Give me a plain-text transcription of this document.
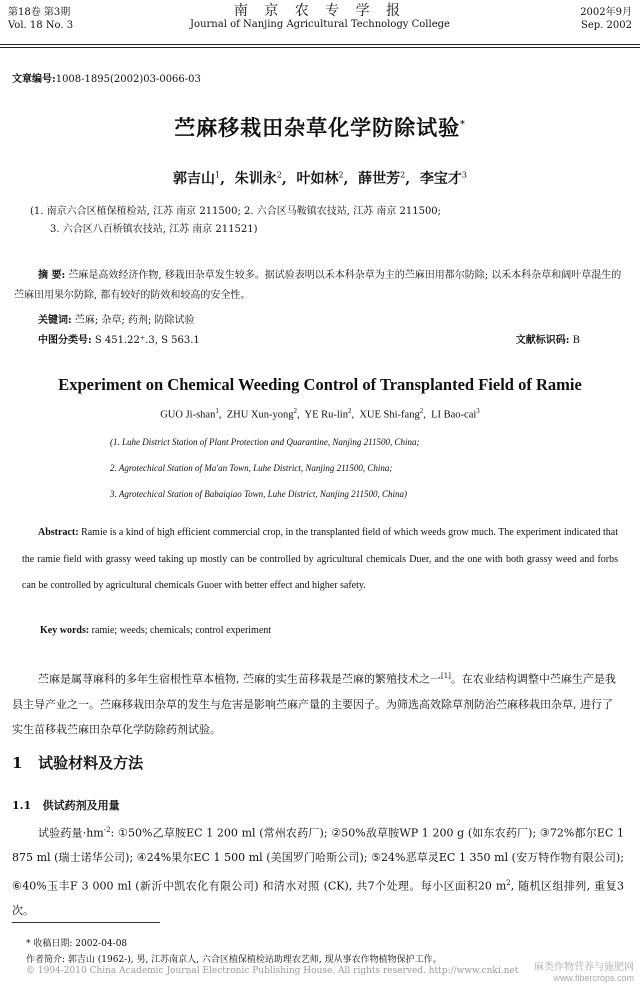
第18卷 第3期
Vol. 18 No. 3
南 京 农 专 学 报
Journal of Nanjing Agricultural Technology College
2002年9月
Sep. 2002
文章编号:1008-1895(2002)03-0066-03
苎麻移栽田杂草化学防除试验*
郭吉山$^1$,  朱训永$^2$,  叶如林$^2$,  薛世芳$^2$,  李宝才$^3$
(1. 南京六合区植保植检站, 江苏 南京 211500; 2. 六合区马鞍镇农技站, 江苏 南京 211500;
3. 六合区八百桥镇农技站, 江苏 南京 211521)
摘 要: 苎麻是高效经济作物, 移栽田杂草发生较多。据试验表明以禾本科杂草为主的苎麻田用都尔防除; 以禾本科杂草和阔叶草混生的苎麻田用果尔防除, 都有较好的防效和较高的安全性。
关键词: 苎麻; 杂草; 药剂; 防除试验
中图分类号: S 451.22⁺.3, S 563.1	文献标识码: B
Experiment on Chemical Weeding Control of Transplanted Field of Ramie
GUO Ji-shan$^1$,  ZHU Xun-yong$^2$,  YE Ru-lin$^2$,  XUE Shi-fang$^2$,  LI Bao-cai$^3$
(1. Luhe District Station of Plant Protection and Quarantine, Nanjing 211500, China;
2. Agrotechical Station of Ma'an Town, Luhe District, Nanjing 211500, China;
3. Agrotechical Station of Babaiqiao Town, Luhe District, Nanjing 211500, China)
Abstract: Ramie is a kind of high efficient commercial crop, in the transplanted field of which weeds grow much. The experiment indicated that the ramie field with grassy weed taking up mostly can be controlled by agricultural chemicals Duer, and the one with both grassy weed and forbs can be controlled by agricultural chemicals Guoer with better effect and higher safety.
Key words: ramie; weeds; chemicals; control experiment
苎麻是属荨麻科的多年生宿根性草本植物, 苎麻的实生苗移栽是苎麻的繁殖技术之一[1]。在农业结构调整中苎麻生产是我县主导产业之一。苎麻移栽田杂草的发生与危害是影响苎麻产量的主要因子。为筛选高效除草剂防治苎麻移栽田杂草, 进行了实生苗移栽苎麻田杂草化学防除药剂试验。
1 试验材料及方法
1.1 供试药剂及用量
试验药量$\cdot hm^{-2}$: ①50%乙草胺EC 1 200 ml (常州农药厂); ②50%敌草胺WP 1 200 g (如东农药厂); ③72%都尔EC 1 875 ml (瑞士诺华公司); ④24%果尔EC 1 500 ml (美国罗门哈斯公司); ⑤24%恶草灵EC 1 350 ml (安万特作物有限公司); ⑥40%玉丰F 3 000 ml (新沂中凯农化有限公司) 和清水对照 (CK), 共7个处理。每小区面积20 $m^2$, 随机区组排列, 重复3次。
* 收稿日期: 2002-04-08
作者简介: 郭吉山 (1962-), 男, 江苏南京人, 六合区植保植检站助理农艺师, 现从事农作物植物保护工作。
© 1994-2010 China Academic Journal Electronic Publishing House. All rights reserved. http://www.cnki.net	麻类作物营养与施肥网
www.fibercrops.com
